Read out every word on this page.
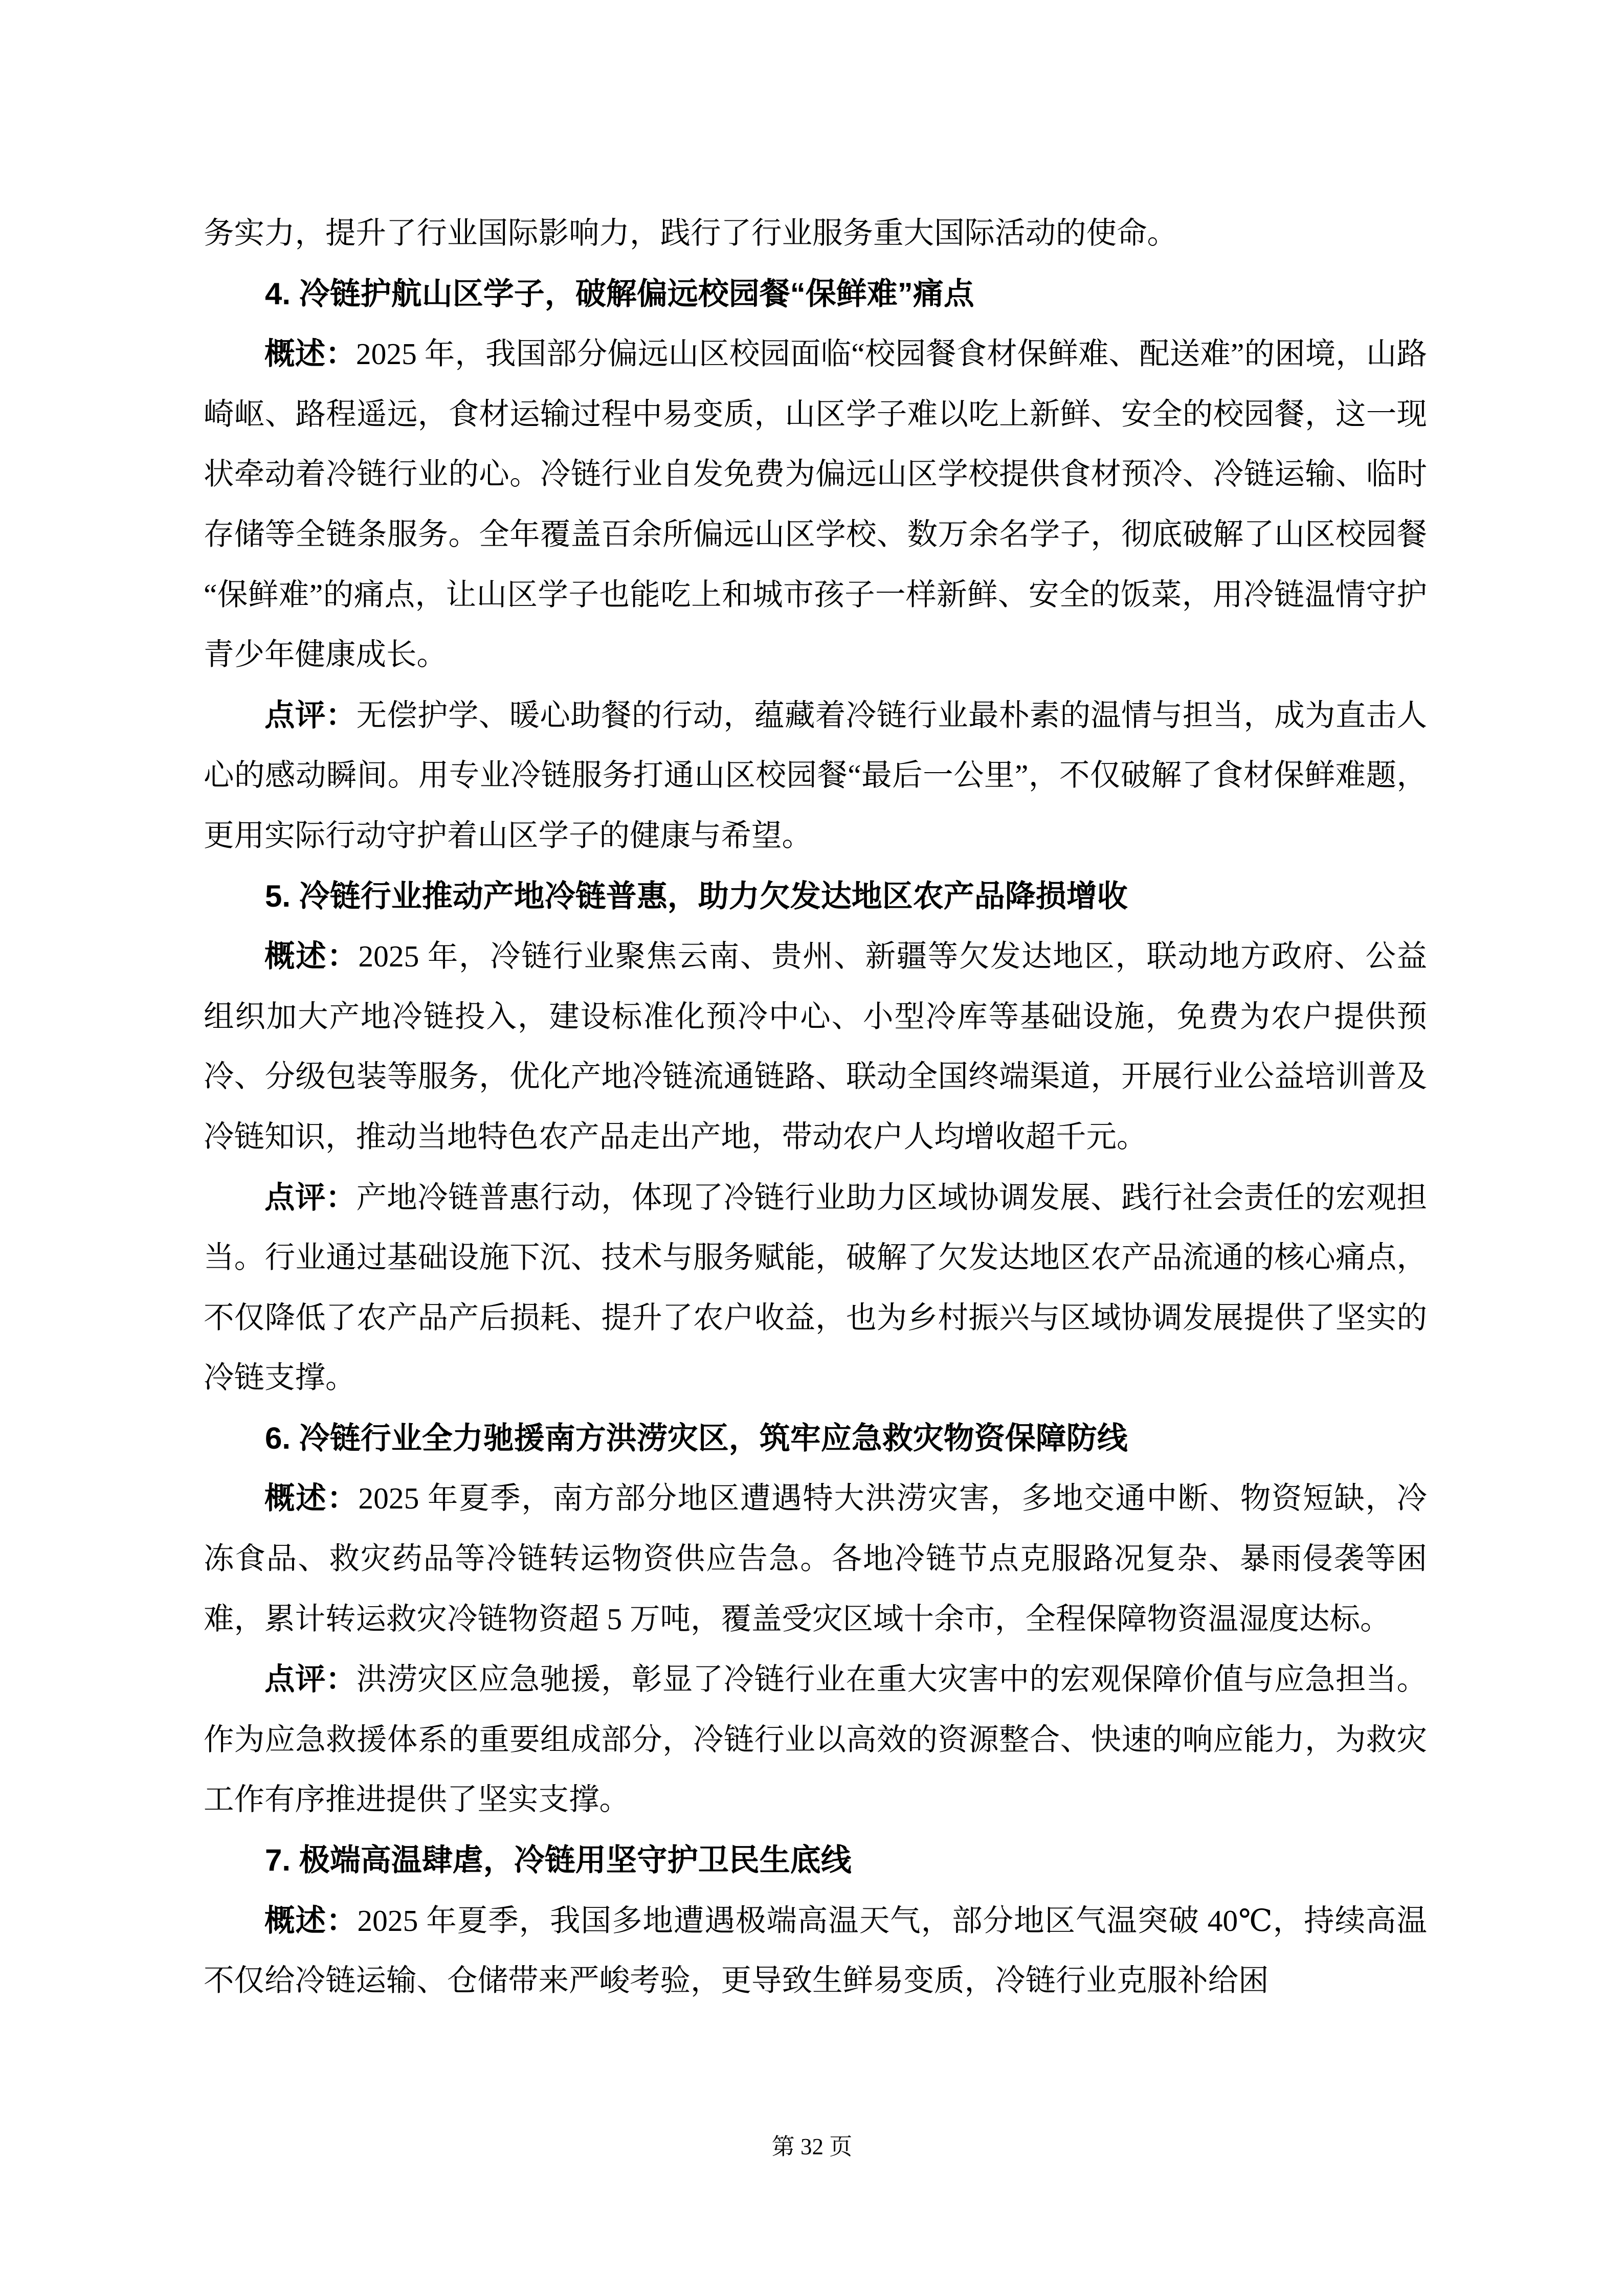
务实力，提升了行业国际影响力，践行了行业服务重大国际活动的使命。

4. 冷链护航山区学子，破解偏远校园餐“保鲜难”痛点

概述：2025 年，我国部分偏远山区校园面临“校园餐食材保鲜难、配送难”的困境，山路崎岖、路程遥远，食材运输过程中易变质，山区学子难以吃上新鲜、安全的校园餐，这一现状牵动着冷链行业的心。冷链行业自发免费为偏远山区学校提供食材预冷、冷链运输、临时存储等全链条服务。全年覆盖百余所偏远山区学校、数万余名学子，彻底破解了山区校园餐“保鲜难”的痛点，让山区学子也能吃上和城市孩子一样新鲜、安全的饭菜，用冷链温情守护青少年健康成长。

点评：无偿护学、暖心助餐的行动，蕴藏着冷链行业最朴素的温情与担当，成为直击人心的感动瞬间。用专业冷链服务打通山区校园餐“最后一公里”，不仅破解了食材保鲜难题，更用实际行动守护着山区学子的健康与希望。

5. 冷链行业推动产地冷链普惠，助力欠发达地区农产品降损增收

概述：2025 年，冷链行业聚焦云南、贵州、新疆等欠发达地区，联动地方政府、公益组织加大产地冷链投入，建设标准化预冷中心、小型冷库等基础设施，免费为农户提供预冷、分级包装等服务，优化产地冷链流通链路、联动全国终端渠道，开展行业公益培训普及冷链知识，推动当地特色农产品走出产地，带动农户人均增收超千元。

点评：产地冷链普惠行动，体现了冷链行业助力区域协调发展、践行社会责任的宏观担当。行业通过基础设施下沉、技术与服务赋能，破解了欠发达地区农产品流通的核心痛点，不仅降低了农产品产后损耗、提升了农户收益，也为乡村振兴与区域协调发展提供了坚实的冷链支撑。

6. 冷链行业全力驰援南方洪涝灾区，筑牢应急救灾物资保障防线

概述：2025 年夏季，南方部分地区遭遇特大洪涝灾害，多地交通中断、物资短缺，冷冻食品、救灾药品等冷链转运物资供应告急。各地冷链节点克服路况复杂、暴雨侵袭等困难，累计转运救灾冷链物资超 5 万吨，覆盖受灾区域十余市，全程保障物资温湿度达标。

点评：洪涝灾区应急驰援，彰显了冷链行业在重大灾害中的宏观保障价值与应急担当。作为应急救援体系的重要组成部分，冷链行业以高效的资源整合、快速的响应能力，为救灾工作有序推进提供了坚实支撑。

7. 极端高温肆虐，冷链用坚守护卫民生底线

概述：2025 年夏季，我国多地遭遇极端高温天气，部分地区气温突破 40℃，持续高温不仅给冷链运输、仓储带来严峻考验，更导致生鲜易变质，冷链行业克服补给困

第 32 页
